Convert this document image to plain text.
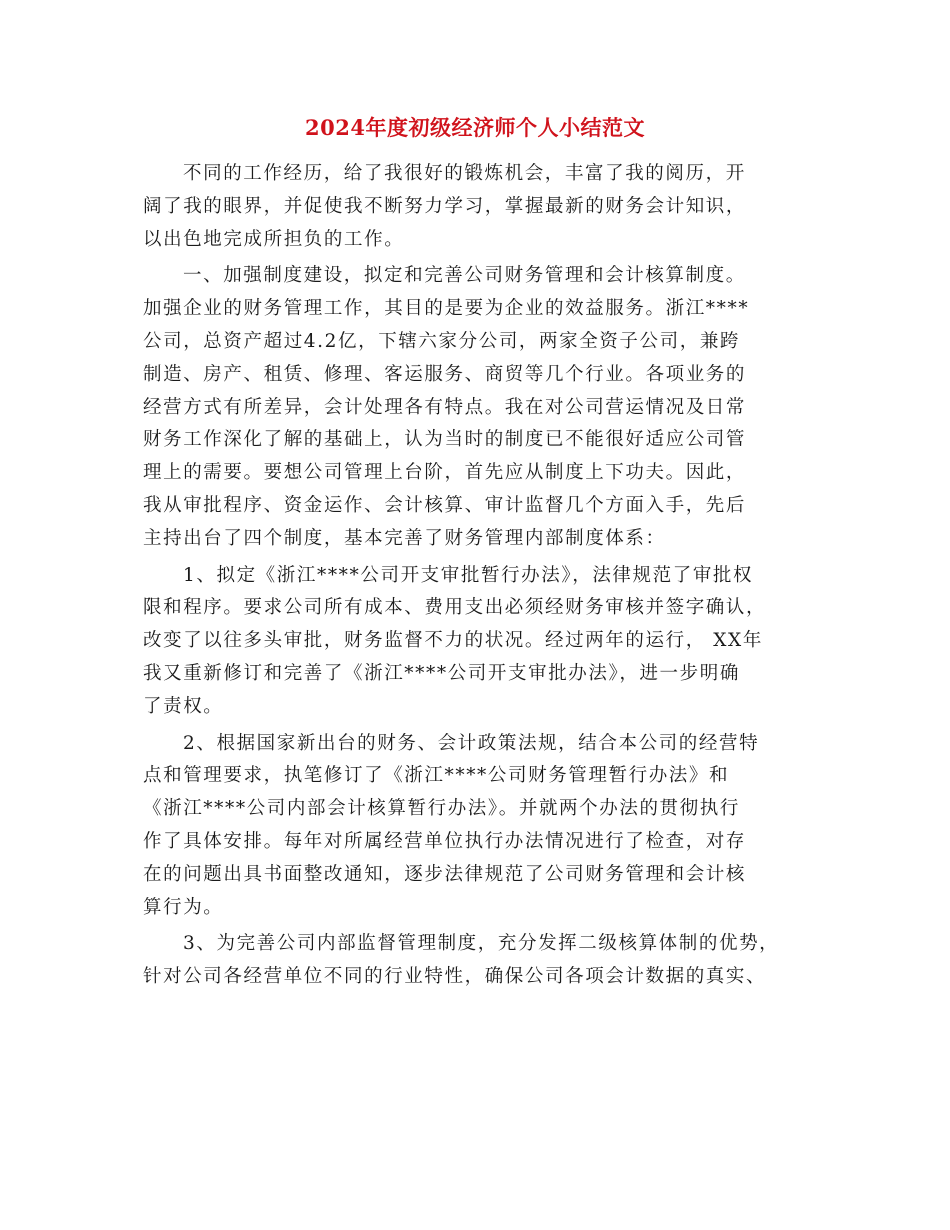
2024年度初级经济师个人小结范文
不同的工作经历，给了我很好的锻炼机会，丰富了我的阅历，开
阔了我的眼界，并促使我不断努力学习，掌握最新的财务会计知识，
以出色地完成所担负的工作。
一、加强制度建设，拟定和完善公司财务管理和会计核算制度。
加强企业的财务管理工作，其目的是要为企业的效益服务。浙江****
公司，总资产超过4.2亿，下辖六家分公司，两家全资子公司，兼跨
制造、房产、租赁、修理、客运服务、商贸等几个行业。各项业务的
经营方式有所差异，会计处理各有特点。我在对公司营运情况及日常
财务工作深化了解的基础上，认为当时的制度已不能很好适应公司管
理上的需要。要想公司管理上台阶，首先应从制度上下功夫。因此，
我从审批程序、资金运作、会计核算、审计监督几个方面入手，先后
主持出台了四个制度，基本完善了财务管理内部制度体系：
1、拟定《浙江****公司开支审批暂行办法》，法律规范了审批权
限和程序。要求公司所有成本、费用支出必须经财务审核并签字确认，
改变了以往多头审批，财务监督不力的状况。经过两年的运行， XX年
我又重新修订和完善了《浙江****公司开支审批办法》，进一步明确
了责权。
2、根据国家新出台的财务、会计政策法规，结合本公司的经营特
点和管理要求，执笔修订了《浙江****公司财务管理暂行办法》和
《浙江****公司内部会计核算暂行办法》。并就两个办法的贯彻执行
作了具体安排。每年对所属经营单位执行办法情况进行了检查，对存
在的问题出具书面整改通知，逐步法律规范了公司财务管理和会计核
算行为。
3、为完善公司内部监督管理制度，充分发挥二级核算体制的优势，
针对公司各经营单位不同的行业特性，确保公司各项会计数据的真实、
